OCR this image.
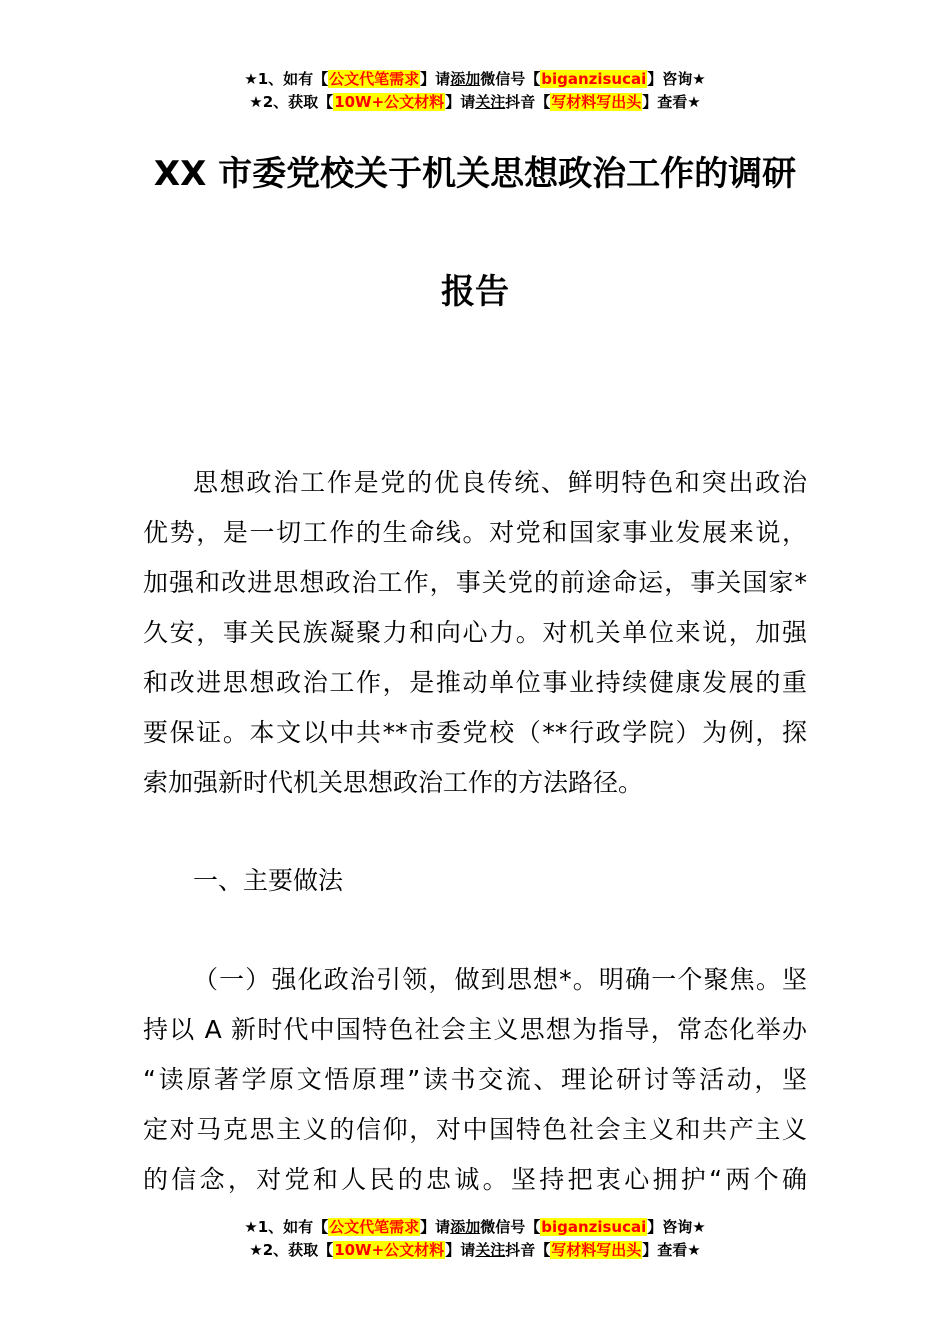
★1、如有【公文代笔需求】请添加微信号【biganzisucai】咨询★
★2、获取【10W+公文材料】请关注抖音【写材料写出头】查看★
XX 市委党校关于机关思想政治工作的调研
报告
思想政治工作是党的优良传统、鲜明特色和突出政治
优势，是一切工作的生命线。对党和国家事业发展来说，
加强和改进思想政治工作，事关党的前途命运，事关国家*
久安，事关民族凝聚力和向心力。对机关单位来说，加强
和改进思想政治工作，是推动单位事业持续健康发展的重
要保证。本文以中共**市委党校（**行政学院）为例，探
索加强新时代机关思想政治工作的方法路径。
一、主要做法
（一）强化政治引领，做到思想*。明确一个聚焦。坚
持以 A 新时代中国特色社会主义思想为指导，常态化举办
“读原著学原文悟原理”读书交流、理论研讨等活动，坚
定对马克思主义的信仰，对中国特色社会主义和共产主义
的信念，对党和人民的忠诚。坚持把衷心拥护“两个确
★1、如有【公文代笔需求】请添加微信号【biganzisucai】咨询★
★2、获取【10W+公文材料】请关注抖音【写材料写出头】查看★
